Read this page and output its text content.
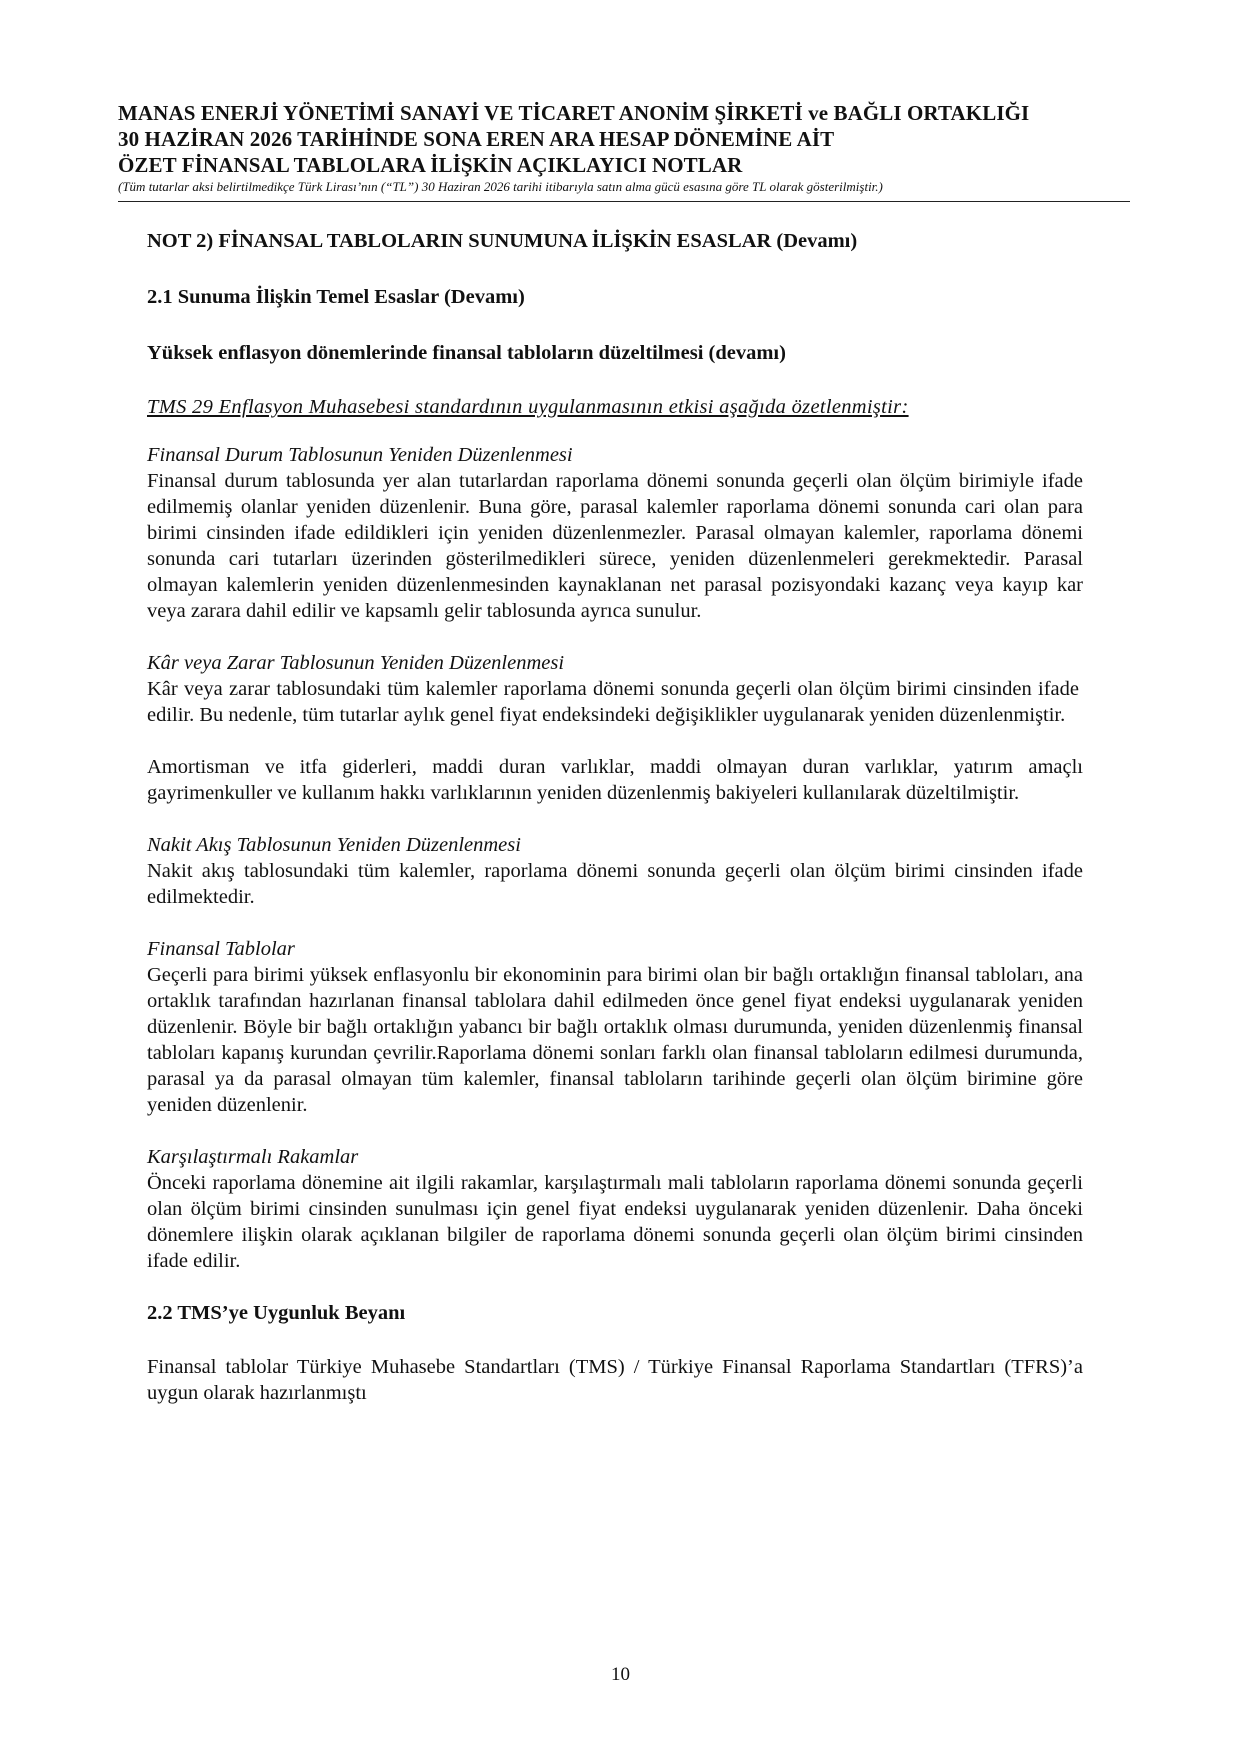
MANAS ENERJİ YÖNETİMİ SANAYİ VE TİCARET ANONİM ŞİRKETİ ve BAĞLI ORTAKLIĞI
30 HAZİRAN 2026 TARİHİNDE SONA EREN ARA HESAP DÖNEMİNE AİT
ÖZET FİNANSAL TABLOLARA İLİŞKİN AÇIKLAYICI NOTLAR
(Tüm tutarlar aksi belirtilmedikçe Türk Lirası’nın (“TL”) 30 Haziran 2026 tarihi itibarıyla satın alma gücü esasına göre TL olarak gösterilmiştir.)
NOT 2) FİNANSAL TABLOLARIN SUNUMUNA İLİŞKİN ESASLAR (Devamı)
2.1 Sunuma İlişkin Temel Esaslar (Devamı)
Yüksek enflasyon dönemlerinde finansal tabloların düzeltilmesi (devamı)
TMS 29 Enflasyon Muhasebesi standardının uygulanmasının etkisi aşağıda özetlenmiştir:
Finansal Durum Tablosunun Yeniden Düzenlenmesi
Finansal durum tablosunda yer alan tutarlardan raporlama dönemi sonunda geçerli olan ölçüm birimiyle ifade edilmemiş olanlar yeniden düzenlenir. Buna göre, parasal kalemler raporlama dönemi sonunda cari olan para birimi cinsinden ifade edildikleri için yeniden düzenlenmezler. Parasal olmayan kalemler, raporlama dönemi sonunda cari tutarları üzerinden gösterilmedikleri sürece, yeniden düzenlenmeleri gerekmektedir. Parasal olmayan kalemlerin yeniden düzenlenmesinden kaynaklanan net parasal pozisyondaki kazanç veya kayıp kar veya zarara dahil edilir ve kapsamlı gelir tablosunda ayrıca sunulur.
Kâr veya Zarar Tablosunun Yeniden Düzenlenmesi
Kâr veya zarar tablosundaki tüm kalemler raporlama dönemi sonunda geçerli olan ölçüm birimi cinsinden ifade edilir. Bu nedenle, tüm tutarlar aylık genel fiyat endeksindeki değişiklikler uygulanarak yeniden düzenlenmiştir.
Amortisman ve itfa giderleri, maddi duran varlıklar, maddi olmayan duran varlıklar, yatırım amaçlı gayrimenkuller ve kullanım hakkı varlıklarının yeniden düzenlenmiş bakiyeleri kullanılarak düzeltilmiştir.
Nakit Akış Tablosunun Yeniden Düzenlenmesi
Nakit akış tablosundaki tüm kalemler, raporlama dönemi sonunda geçerli olan ölçüm birimi cinsinden ifade edilmektedir.
Finansal Tablolar
Geçerli para birimi yüksek enflasyonlu bir ekonominin para birimi olan bir bağlı ortaklığın finansal tabloları, ana ortaklık tarafından hazırlanan finansal tablolara dahil edilmeden önce genel fiyat endeksi uygulanarak yeniden düzenlenir. Böyle bir bağlı ortaklığın yabancı bir bağlı ortaklık olması durumunda, yeniden düzenlenmiş finansal tabloları kapanış kurundan çevrilir.Raporlama dönemi sonları farklı olan finansal tabloların edilmesi durumunda, parasal ya da parasal olmayan tüm kalemler, finansal tabloların tarihinde geçerli olan ölçüm birimine göre yeniden düzenlenir.
Karşılaştırmalı Rakamlar
Önceki raporlama dönemine ait ilgili rakamlar, karşılaştırmalı mali tabloların raporlama dönemi sonunda geçerli olan ölçüm birimi cinsinden sunulması için genel fiyat endeksi uygulanarak yeniden düzenlenir. Daha önceki dönemlere ilişkin olarak açıklanan bilgiler de raporlama dönemi sonunda geçerli olan ölçüm birimi cinsinden ifade edilir.
2.2 TMS’ye Uygunluk Beyanı
Finansal tablolar Türkiye Muhasebe Standartları (TMS) / Türkiye Finansal Raporlama Standartları (TFRS)’a uygun olarak hazırlanmıştı
10
